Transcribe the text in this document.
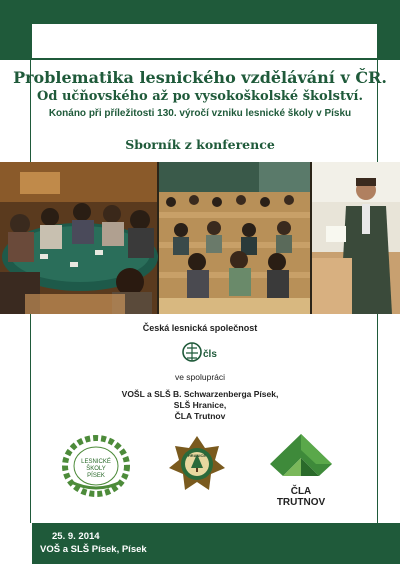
Problematika lesnického vzdělávání v ČR.
Od učňovského až po vysokoškolské školství.
Konáno při příležitosti 130. výročí vzniku lesnické školy v Písku
Sborník z konference
Česká lesnická společnost
čls
ve spolupráci
VOŠL a SLŠ B. Schwarzenberga Písek,
SLŠ Hranice,
ČLA Trutnov
LESNICKÉ
ŠKOLY
PÍSEK
HRANICE
ČLA TRUTNOV
25. 9. 2014
VOŠ a SLŠ Písek, Písek
